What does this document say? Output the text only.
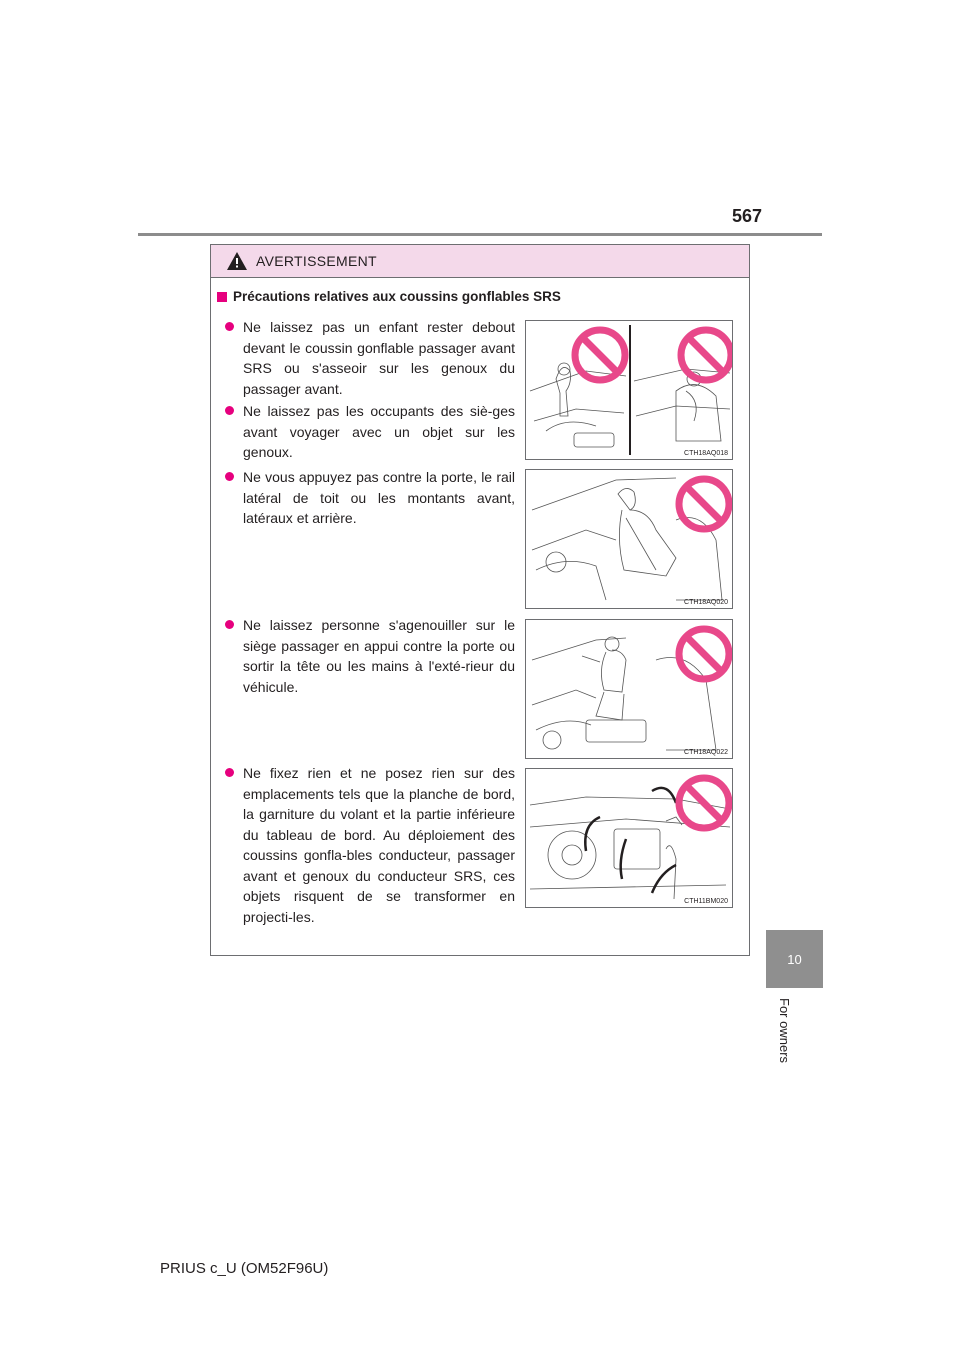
567
10
For owners
AVERTISSEMENT
Précautions relatives aux coussins gonflables SRS
Ne laissez pas un enfant rester debout devant le coussin gonflable passager avant SRS ou s'asseoir sur les genoux du passager avant.
Ne laissez pas les occupants des siè-ges avant voyager avec un objet sur les genoux.
Ne vous appuyez pas contre la porte, le rail latéral de toit ou les montants avant, latéraux et arrière.
Ne laissez personne s'agenouiller sur le siège passager en appui contre la porte ou sortir la tête ou les mains à l'exté-rieur du véhicule.
Ne fixez rien et ne posez rien sur des emplacements tels que la planche de bord, la garniture du volant et la partie inférieure du tableau de bord. Au déploiement des coussins gonfla-bles conducteur, passager avant et genoux du conducteur SRS, ces objets risquent de se transformer en projecti-les.
CTH18AQ018
CTH18AQ020
CTH18AQ022
CTH11BM020
PRIUS c_U (OM52F96U)
